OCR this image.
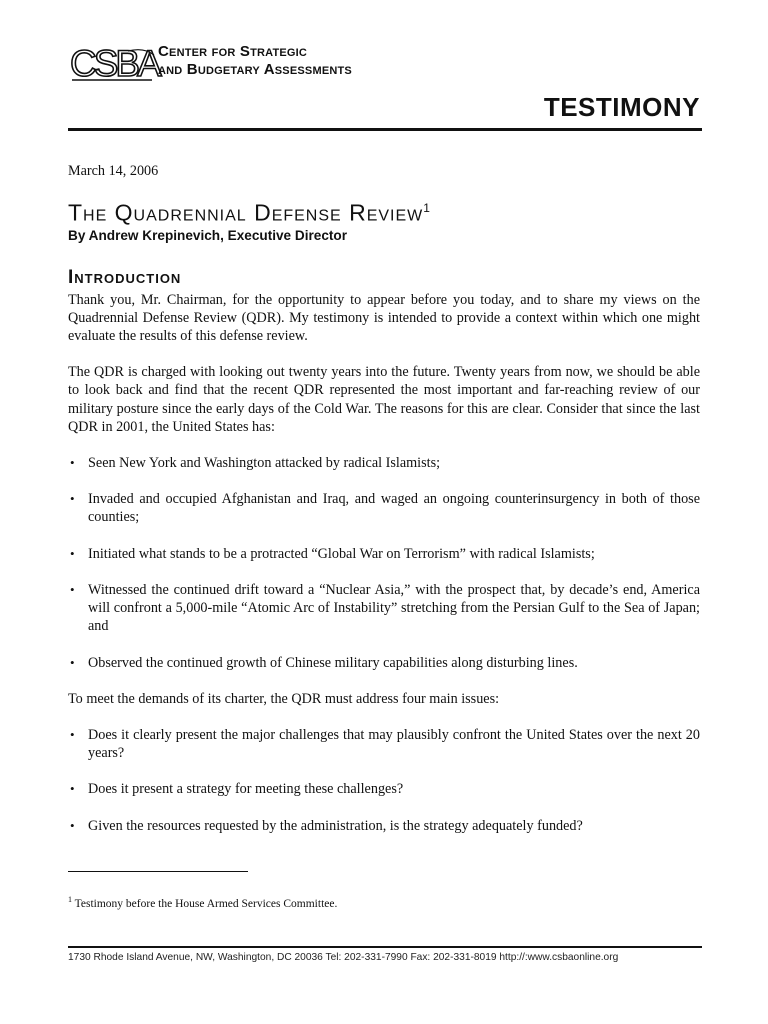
CSBA Center for Strategic
and Budgetary Assessments
TESTIMONY
March 14, 2006
The Quadrennial Defense Review$^1$
By Andrew Krepinevich, Executive Director
Introduction

Thank you, Mr. Chairman, for the opportunity to appear before you today, and to share my views on the Quadrennial Defense Review (QDR). My testimony is intended to provide a context within which one might evaluate the results of this defense review.

The QDR is charged with looking out twenty years into the future. Twenty years from now, we should be able to look back and find that the recent QDR represented the most important and far-reaching review of our military posture since the early days of the Cold War. The reasons for this are clear. Consider that since the last QDR in 2001, the United States has:

• Seen New York and Washington attacked by radical Islamists;
• Invaded and occupied Afghanistan and Iraq, and waged an ongoing counterinsurgency in both of those counties;
• Initiated what stands to be a protracted “Global War on Terrorism” with radical Islamists;
• Witnessed the continued drift toward a “Nuclear Asia,” with the prospect that, by decade’s end, America will confront a 5,000-mile “Atomic Arc of Instability” stretching from the Persian Gulf to the Sea of Japan; and
• Observed the continued growth of Chinese military capabilities along disturbing lines.

To meet the demands of its charter, the QDR must address four main issues:

• Does it clearly present the major challenges that may plausibly confront the United States over the next 20 years?
• Does it present a strategy for meeting these challenges?
• Given the resources requested by the administration, is the strategy adequately funded?
$^1$ Testimony before the House Armed Services Committee.
1730 Rhode Island Avenue, NW, Washington, DC 20036 Tel: 202-331-7990 Fax: 202-331-8019 http://:www.csbaonline.org
